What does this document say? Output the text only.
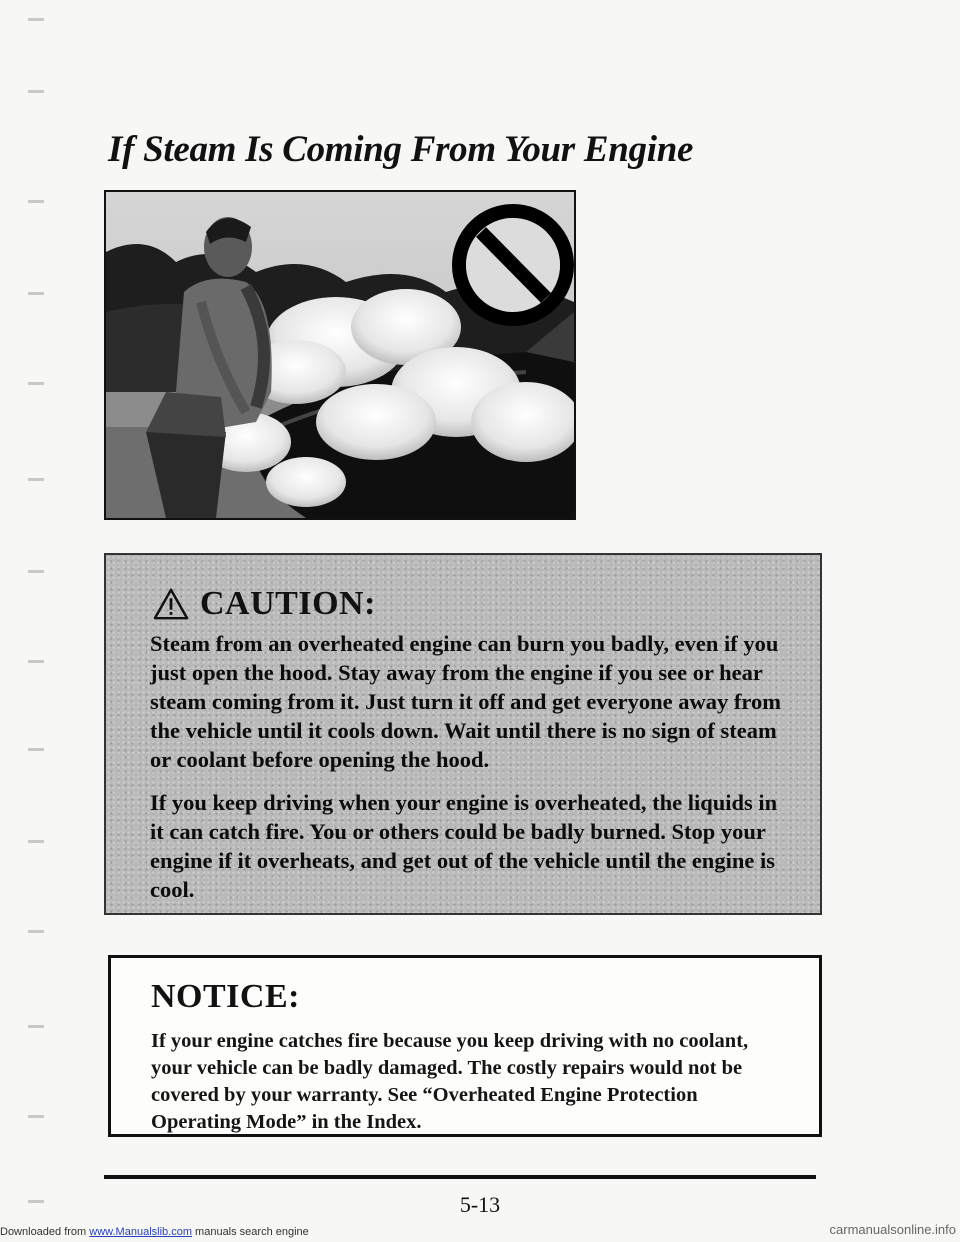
If Steam Is Coming From Your Engine
CAUTION:

Steam from an overheated engine can burn you badly, even if you just open the hood. Stay away from the engine if you see or hear steam coming from it. Just turn it off and get everyone away from the vehicle until it cools down. Wait until there is no sign of steam or coolant before opening the hood.

If you keep driving when your engine is overheated, the liquids in it can catch fire. You or others could be badly burned. Stop your engine if it overheats, and get out of the vehicle until the engine is cool.

NOTICE:

If your engine catches fire because you keep driving with no coolant, your vehicle can be badly damaged. The costly repairs would not be covered by your warranty. See “Overheated Engine Protection Operating Mode” in the Index.

5-13
Downloaded from www.Manualslib.com manuals search engine	carmanualsonline.info
